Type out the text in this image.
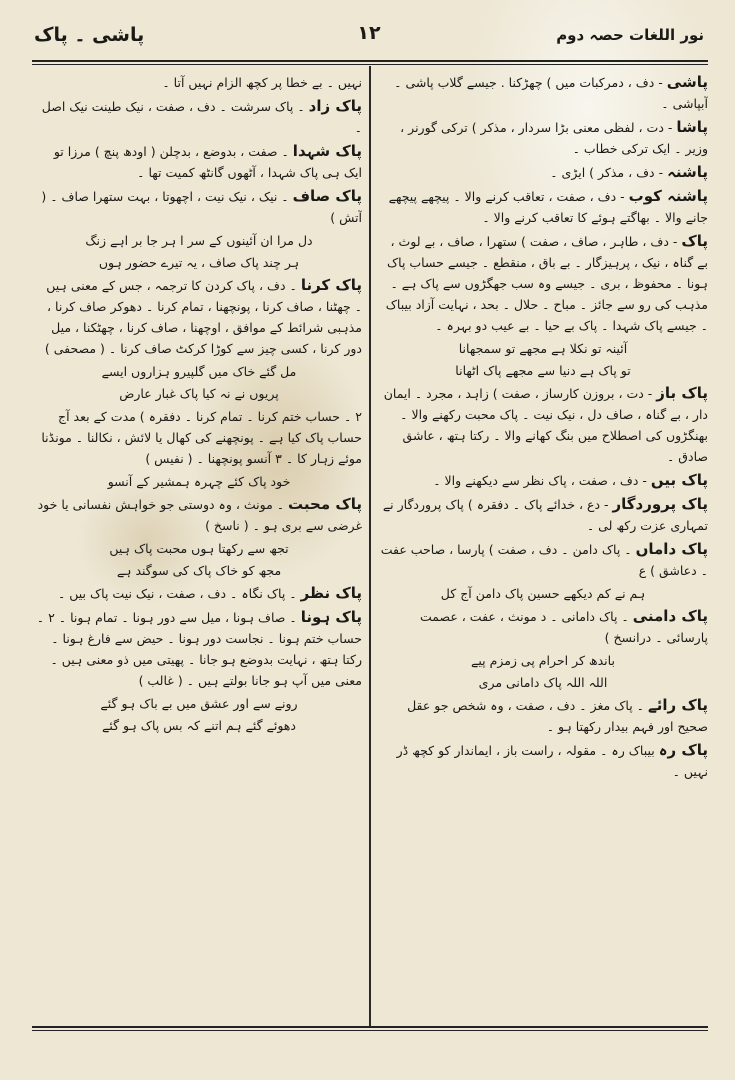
نور اللغات حصہ دوم
۱۲
پاشی ۔ پاک

پاشی - دف ، دمرکبات میں ) چھڑکنا . جیسے گلاب پاشی ۔ آبپاشی ۔

پاشا - دت ، لفظی معنی بڑا سردار ، مذکر ) ترکی گورنر ، وزیر ۔ ایک ترکی خطاب ۔

پاشنہ - دف ، مذکر ) ایڑی ۔

پاشنہ کوب - دف ، صفت ، تعاقب کرنے والا ۔ پیچھے پیچھے جانے والا ۔ بھاگتے ہوئے کا تعاقب کرنے والا ۔

پاک - دف ، طاہر ، صاف ، صفت ) ستھرا ، صاف ، بے لوث ، بے گناہ ، نیک ، پرہیزگار ۔ بے باق ، منقطع ۔ جیسے حساب پاک ہونا ۔ محفوظ ، بری ۔ جیسے وہ سب جھگڑوں سے پاک ہے ۔ مذہب کی رو سے جائز ۔ مباح ۔ حلال ۔ بحد ، نہایت آزاد بیباک ۔ جیسے پاک شہدا ۔ پاک بے حیا ۔ بے عیب دو بہرہ ۔

آئینہ تو نکلا ہے مجھے تو سمجھانا

تو پاک ہے دنیا سے مجھے پاک اٹھانا

پاک باز - دت ، بروزن کارساز ، صفت ) زاہد ، مجرد ۔ ایمان دار ، بے گناہ ، صاف دل ، نیک نیت ۔ پاک محبت رکھنے والا ۔ بھنگڑوں کی اصطلاح میں بنگ کھانے والا ۔ رکتا ہتھ ، عاشق صادق ۔

پاک بیں - دف ، صفت ، پاک نظر سے دیکھنے والا ۔

پاک پروردگار - دع ، خدائے پاک ۔ دفقرہ ) پاک پروردگار نے تمہاری عزت رکھ لی ۔

پاک داماں ۔ پاک دامن ۔ دف ، صفت ) پارسا ، صاحب عفت ۔ دعاشق ) ع

ہم نے کم دیکھے حسین پاک دامن آج کل

پاک دامنی ۔ پاک دامانی ۔ د مونث ، عفت ، عصمت پارسائی ۔ درانسخ )

باندھ کر احرام پی زمزم پیے

اللہ اللہ پاک دامانی مری

پاک رائے ۔ پاک مغز ۔ دف ، صفت ، وہ شخص جو عقل صحیح اور فہم بیدار رکھتا ہو ۔

پاک رہ بیباک رہ ۔ مقولہ ، راست باز ، ایماندار کو کچھ ڈر نہیں ۔

نہیں ۔ بے خطا پر کچھ الزام نہیں آتا ۔

پاک زاد ۔ پاک سرشت ۔ دف ، صفت ، نیک طینت نیک اصل ۔

پاک شہدا ۔ صفت ، بدوضع ، بدچلن ( اودھ پنچ ) مرزا تو ایک ہی پاک شہدا ، آٹھوں گانٹھ کمیت تھا ۔

پاک صاف ۔ نیک ، نیک نیت ، اچھوتا ، بہت ستھرا صاف ۔ ( آتش )

دل مرا ان آئینوں کے سر ا ہر جا بر اہے زنگ

ہر چند پاک صاف ، یہ تیرے حضور ہوں

پاک کرنا ۔ دف ، پاک کردن کا ترجمہ ، جس کے معنی ہیں ۔ چھٹنا ، صاف کرنا ، پونچھنا ، تمام کرنا ۔ دھوکر صاف کرنا ، مذہبی شرائط کے موافق ، اوچھنا ، صاف کرنا ، چھٹکنا ، میل دور کرنا ، کسی چیز سے کوڑا کرکٹ صاف کرنا ۔ ( مصحفی )

مل گئے خاک میں گلپیرو ہزاروں ایسے

پریوں نے نہ کیا پاک غبار عارض

۲ ۔ حساب ختم کرنا ۔ تمام کرنا ۔ دفقرہ ) مدت کے بعد آج حساب پاک کیا ہے ۔ پونچھنے کی کھال یا لائش ، نکالنا ۔ مونڈنا موئے زہار کا ۔ ۳ آنسو پونچھنا ۔ ( نفیس )

خود پاک کئے چہرہ ہمشیر کے آنسو

پاک محبت ۔ مونث ، وہ دوستی جو خواہش نفسانی یا خود غرضی سے بری ہو ۔ ( ناسخ )

تجھ سے رکھتا ہوں محبت پاک ہیں

مجھ کو خاک پاک کی سوگند ہے

پاک نظر ۔ پاک نگاہ ۔ دف ، صفت ، نیک نیت پاک بیں ۔

پاک ہونا ۔ صاف ہونا ، میل سے دور ہونا ۔ تمام ہونا ۔ ۲ ۔ حساب ختم ہونا ۔ نجاست دور ہونا ۔ حیض سے فارغ ہونا ۔ رکتا ہتھ ، نہایت بدوضع ہو جانا ۔ پھیتی میں ذو معنی ہیں ۔ معنی میں آپ ہو جانا بولتے ہیں ۔ ( غالب )

رونے سے اور عشق میں بے باک ہو گئے

دھوئے گئے ہم اتنے کہ بس پاک ہو گئے
